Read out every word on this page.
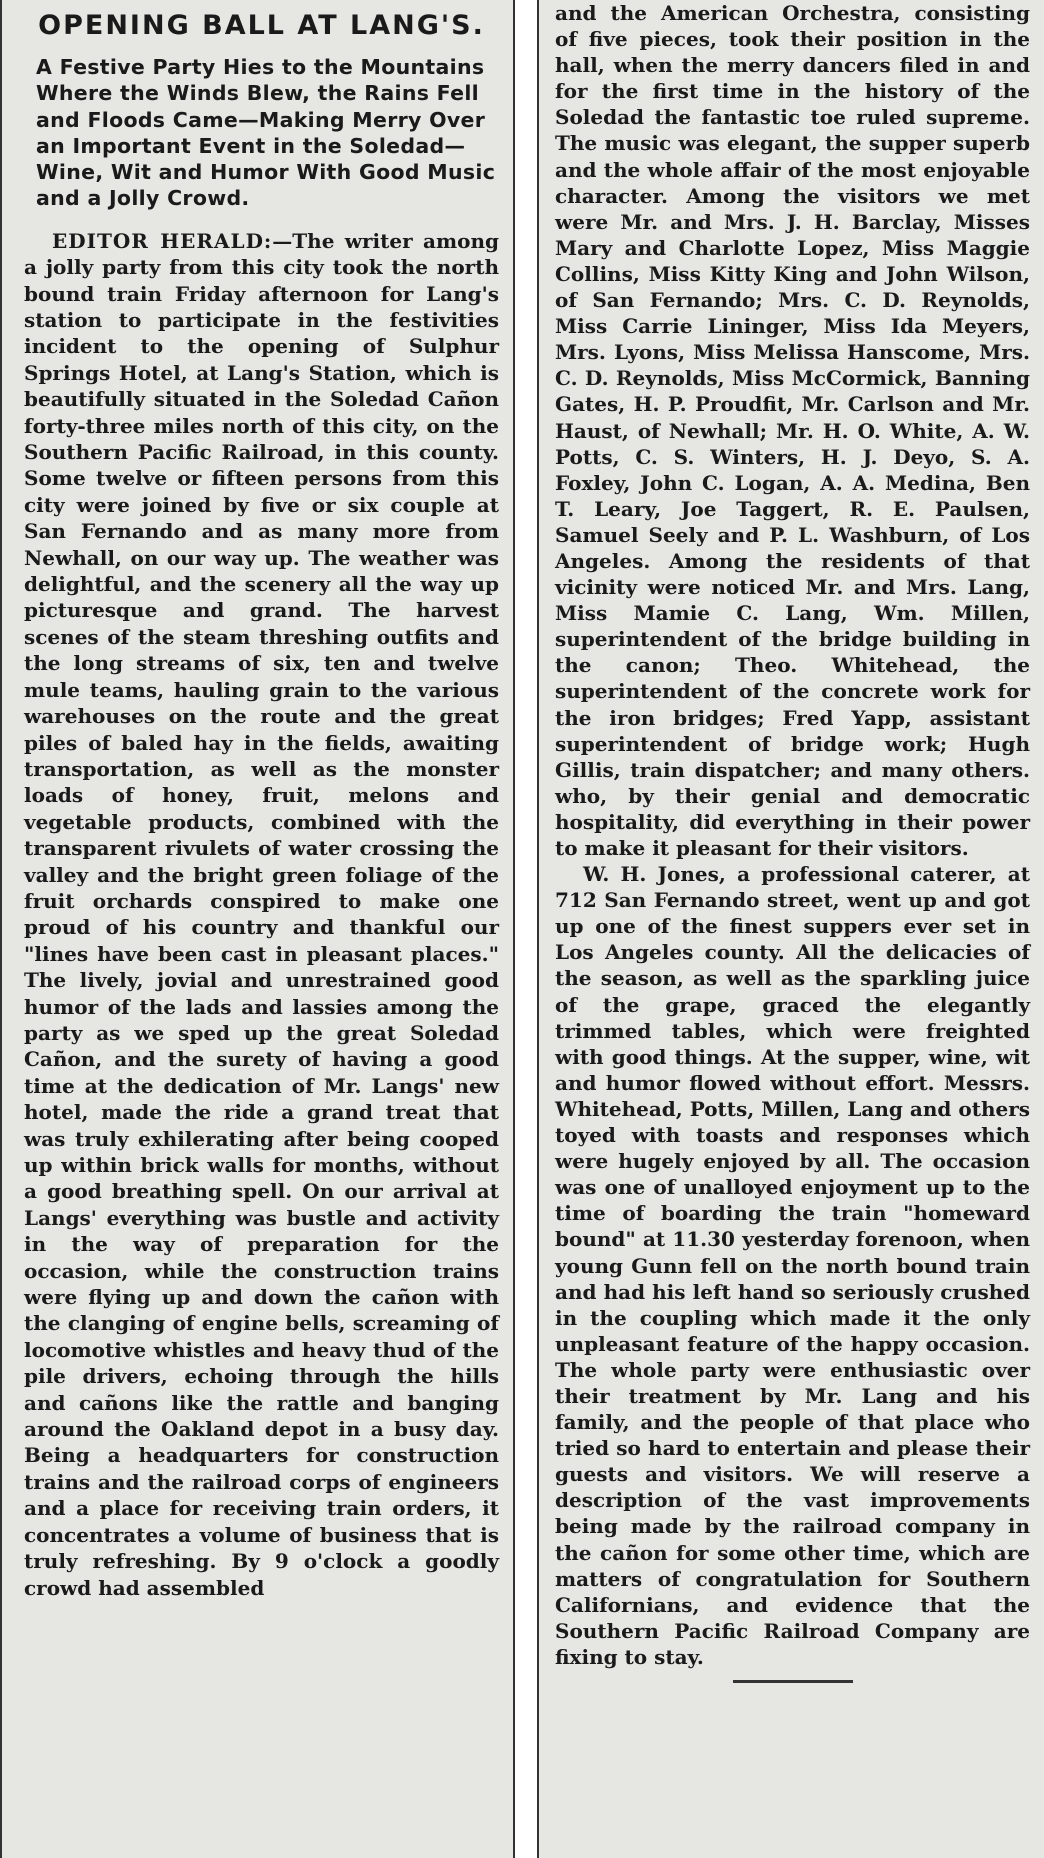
OPENING BALL AT LANG'S.

A Festive Party Hies to the Mountains Where the Winds Blew, the Rains Fell and Floods Came—Making Merry Over an Important Event in the Soledad—Wine, Wit and Humor With Good Music and a Jolly Crowd.

EDITOR HERALD:—The writer among a jolly party from this city took the north bound train Friday afternoon for Lang's station to participate in the festivities incident to the opening of Sulphur Springs Hotel, at Lang's Station, which is beautifully situated in the Soledad Cañon forty-three miles north of this city, on the Southern Pacific Railroad, in this county. Some twelve or fifteen persons from this city were joined by five or six couple at San Fernando and as many more from Newhall, on our way up. The weather was delightful, and the scenery all the way up picturesque and grand. The harvest scenes of the steam threshing outfits and the long streams of six, ten and twelve mule teams, hauling grain to the various warehouses on the route and the great piles of baled hay in the fields, awaiting transportation, as well as the monster loads of honey, fruit, melons and vegetable products, combined with the transparent rivulets of water crossing the valley and the bright green foliage of the fruit orchards conspired to make one proud of his country and thankful our "lines have been cast in pleasant places." The lively, jovial and unrestrained good humor of the lads and lassies among the party as we sped up the great Soledad Cañon, and the surety of having a good time at the dedication of Mr. Langs' new hotel, made the ride a grand treat that was truly exhilerating after being cooped up within brick walls for months, without a good breathing spell. On our arrival at Langs' everything was bustle and activity in the way of preparation for the occasion, while the construction trains were flying up and down the cañon with the clanging of engine bells, screaming of locomotive whistles and heavy thud of the pile drivers, echoing through the hills and cañons like the rattle and banging around the Oakland depot in a busy day. Being a headquarters for construction trains and the railroad corps of engineers and a place for receiving train orders, it concentrates a volume of business that is truly refreshing. By 9 o'clock a goodly crowd had assembled

and the American Orchestra, consisting of five pieces, took their position in the hall, when the merry dancers filed in and for the first time in the history of the Soledad the fantastic toe ruled supreme. The music was elegant, the supper superb and the whole affair of the most enjoyable character. Among the visitors we met were Mr. and Mrs. J. H. Barclay, Misses Mary and Charlotte Lopez, Miss Maggie Collins, Miss Kitty King and John Wilson, of San Fernando; Mrs. C. D. Reynolds, Miss Carrie Lininger, Miss Ida Meyers, Mrs. Lyons, Miss Melissa Hanscome, Mrs. C. D. Reynolds, Miss McCormick, Banning Gates, H. P. Proudfit, Mr. Carlson and Mr. Haust, of Newhall; Mr. H. O. White, A. W. Potts, C. S. Winters, H. J. Deyo, S. A. Foxley, John C. Logan, A. A. Medina, Ben T. Leary, Joe Taggert, R. E. Paulsen, Samuel Seely and P. L. Washburn, of Los Angeles. Among the residents of that vicinity were noticed Mr. and Mrs. Lang, Miss Mamie C. Lang, Wm. Millen, superintendent of the bridge building in the canon; Theo. Whitehead, the superintendent of the concrete work for the iron bridges; Fred Yapp, assistant superintendent of bridge work; Hugh Gillis, train dispatcher; and many others. who, by their genial and democratic hospitality, did everything in their power to make it pleasant for their visitors.

W. H. Jones, a professional caterer, at 712 San Fernando street, went up and got up one of the finest suppers ever set in Los Angeles county. All the delicacies of the season, as well as the sparkling juice of the grape, graced the elegantly trimmed tables, which were freighted with good things. At the supper, wine, wit and humor flowed without effort. Messrs. Whitehead, Potts, Millen, Lang and others toyed with toasts and responses which were hugely enjoyed by all. The occasion was one of unalloyed enjoyment up to the time of boarding the train "homeward bound" at 11.30 yesterday forenoon, when young Gunn fell on the north bound train and had his left hand so seriously crushed in the coupling which made it the only unpleasant feature of the happy occasion. The whole party were enthusiastic over their treatment by Mr. Lang and his family, and the people of that place who tried so hard to entertain and please their guests and visitors. We will reserve a description of the vast improvements being made by the railroad company in the cañon for some other time, which are matters of congratulation for Southern Californians, and evidence that the Southern Pacific Railroad Company are fixing to stay.
